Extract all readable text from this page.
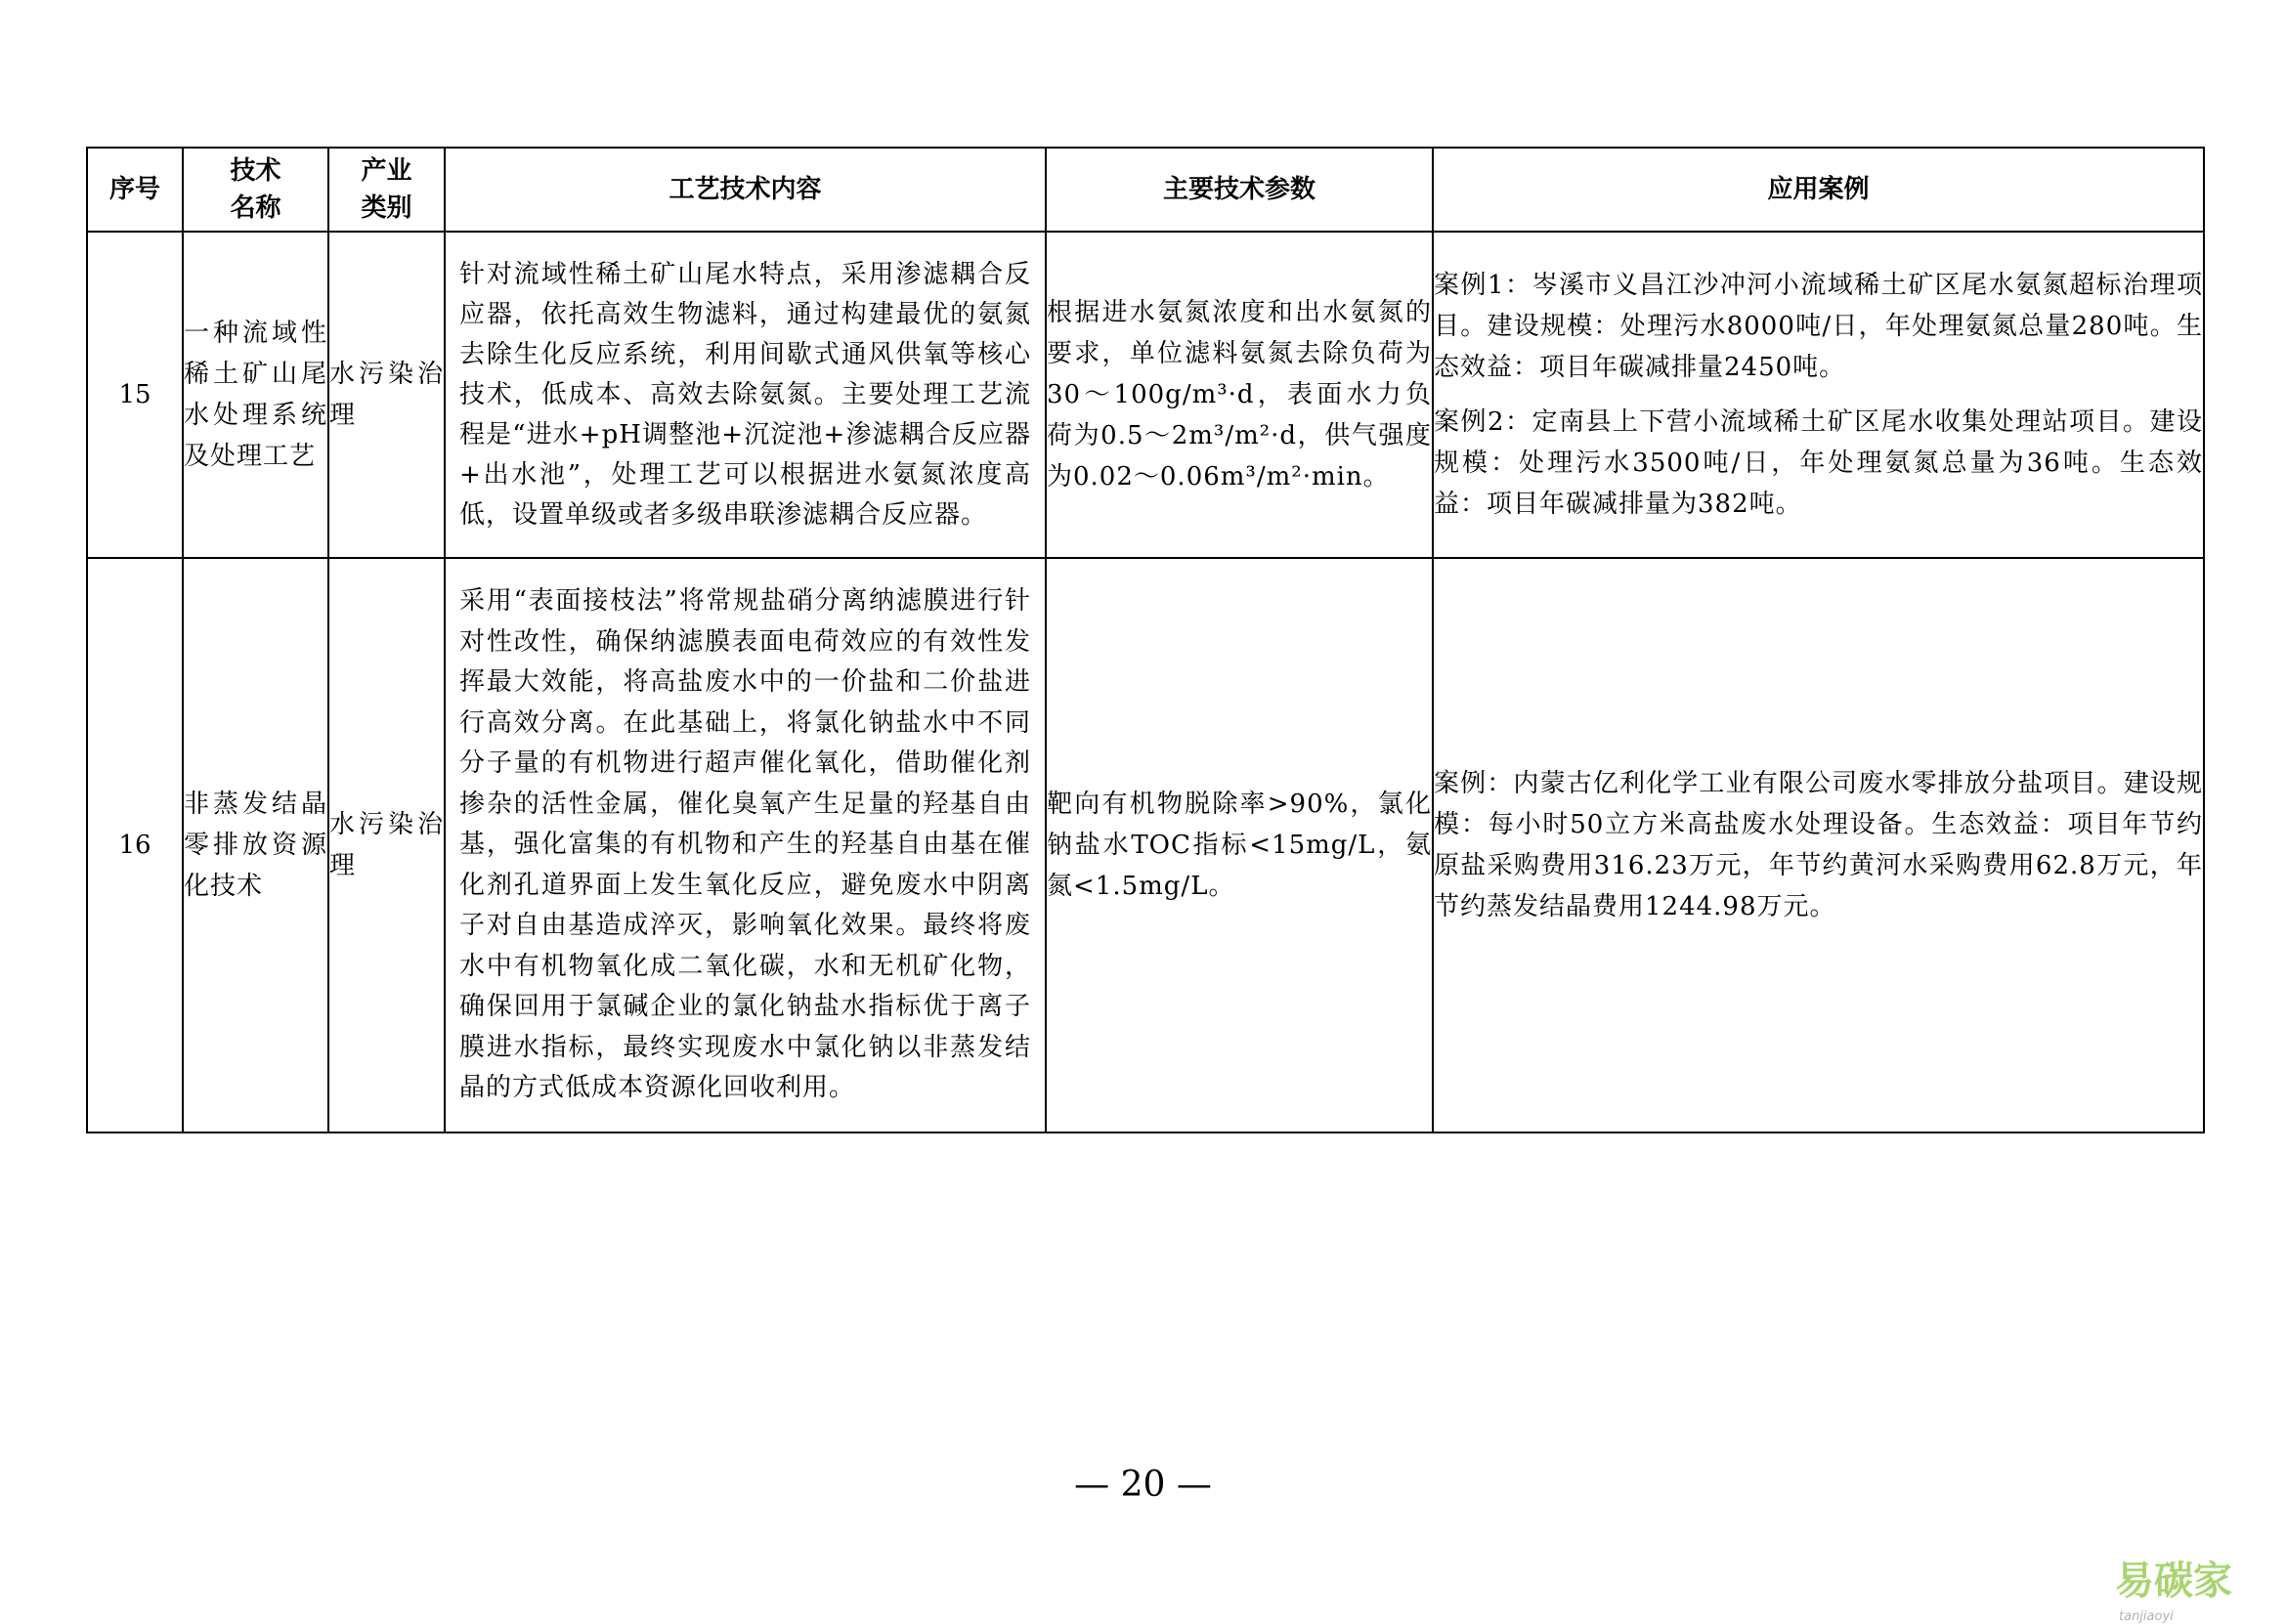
序号	技术名称	产业类别	工艺技术内容	主要技术参数	应用案例
15	一种流域性稀土矿山尾水处理系统及处理工艺	水污染治理	针对流域性稀土矿山尾水特点，采用渗滤耦合反应器，依托高效生物滤料，通过构建最优的氨氮去除生化反应系统，利用间歇式通风供氧等核心技术，低成本、高效去除氨氮。主要处理工艺流程是“进水+pH调整池+沉淀池+渗滤耦合反应器+出水池”，处理工艺可以根据进水氨氮浓度高低，设置单级或者多级串联渗滤耦合反应器。	根据进水氨氮浓度和出水氨氮的要求，单位滤料氨氮去除负荷为30～100g/m³·d，表面水力负荷为0.5～2m³/m²·d，供气强度为0.02～0.06m³/m²·min。	案例1：岑溪市义昌江沙冲河小流域稀土矿区尾水氨氮超标治理项目。建设规模：处理污水8000吨/日，年处理氨氮总量280吨。生态效益：项目年碳减排量2450吨。

案例2：定南县上下营小流域稀土矿区尾水收集处理站项目。建设规模：处理污水3500吨/日，年处理氨氮总量为36吨。生态效益：项目年碳减排量为382吨。

16	非蒸发结晶零排放资源化技术	水污染治理	采用“表面接枝法”将常规盐硝分离纳滤膜进行针对性改性，确保纳滤膜表面电荷效应的有效性发挥最大效能，将高盐废水中的一价盐和二价盐进行高效分离。在此基础上，将氯化钠盐水中不同分子量的有机物进行超声催化氧化，借助催化剂掺杂的活性金属，催化臭氧产生足量的羟基自由基，强化富集的有机物和产生的羟基自由基在催化剂孔道界面上发生氧化反应，避免废水中阴离子对自由基造成淬灭，影响氧化效果。最终将废水中有机物氧化成二氧化碳，水和无机矿化物，确保回用于氯碱企业的氯化钠盐水指标优于离子膜进水指标，最终实现废水中氯化钠以非蒸发结晶的方式低成本资源化回收利用。	靶向有机物脱除率>90%，氯化钠盐水TOC指标<15mg/L，氨氮<1.5mg/L。	案例：内蒙古亿利化学工业有限公司废水零排放分盐项目。建设规模：每小时50立方米高盐废水处理设备。生态效益：项目年节约原盐采购费用316.23万元，年节约黄河水采购费用62.8万元，年节约蒸发结晶费用1244.98万元。

— 20 —
易碳家tanjiaoyi
